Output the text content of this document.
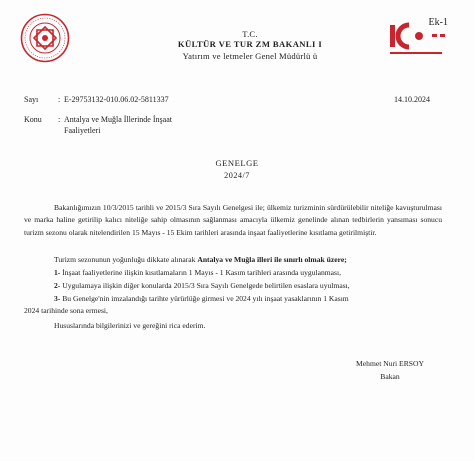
Ek-1
T.C.
KÜLTÜR VE TUR ZM BAKANLI I
Yatırım ve letmeler Genel Müdürlü ü
Sayı : E-29753132-010.06.02-5811337	14.10.2024
Konu : Antalya ve Muğla İllerinde İnşaat
Faaliyetleri
GENELGE
2024/7
Bakanlığımızın 10/3/2015 tarihli ve 2015/3 Sıra Sayılı Genelgesi ile; ülkemiz turizminin sürdürülebilir niteliğe kavuşturulması ve marka haline getirilip kalıcı niteliğe sahip olmasının sağlanması amacıyla ülkemiz genelinde alınan tedbirlerin yansıması sonucu turizm sezonu olarak nitelendirilen 15 Mayıs - 15 Ekim tarihleri arasında inşaat faaliyetlerine kısıtlama getirilmiştir.
Turizm sezonunun yoğunluğu dikkate alınarak Antalya ve Muğla illeri ile sınırlı olmak üzere;
1- İnşaat faaliyetlerine ilişkin kısıtlamaların 1 Mayıs - 1 Kasım tarihleri arasında uygulanması,
2- Uygulamaya ilişkin diğer konularda 2015/3 Sıra Sayılı Genelgede belirtilen esaslara uyulması,
3- Bu Genelge'nin imzalandığı tarihte yürürlüğe girmesi ve 2024 yılı inşaat yasaklarının 1 Kasım
2024 tarihinde sona ermesi,
Hususlarında bilgilerinizi ve gereğini rica ederim.
Mehmet Nuri ERSOY
Bakan
